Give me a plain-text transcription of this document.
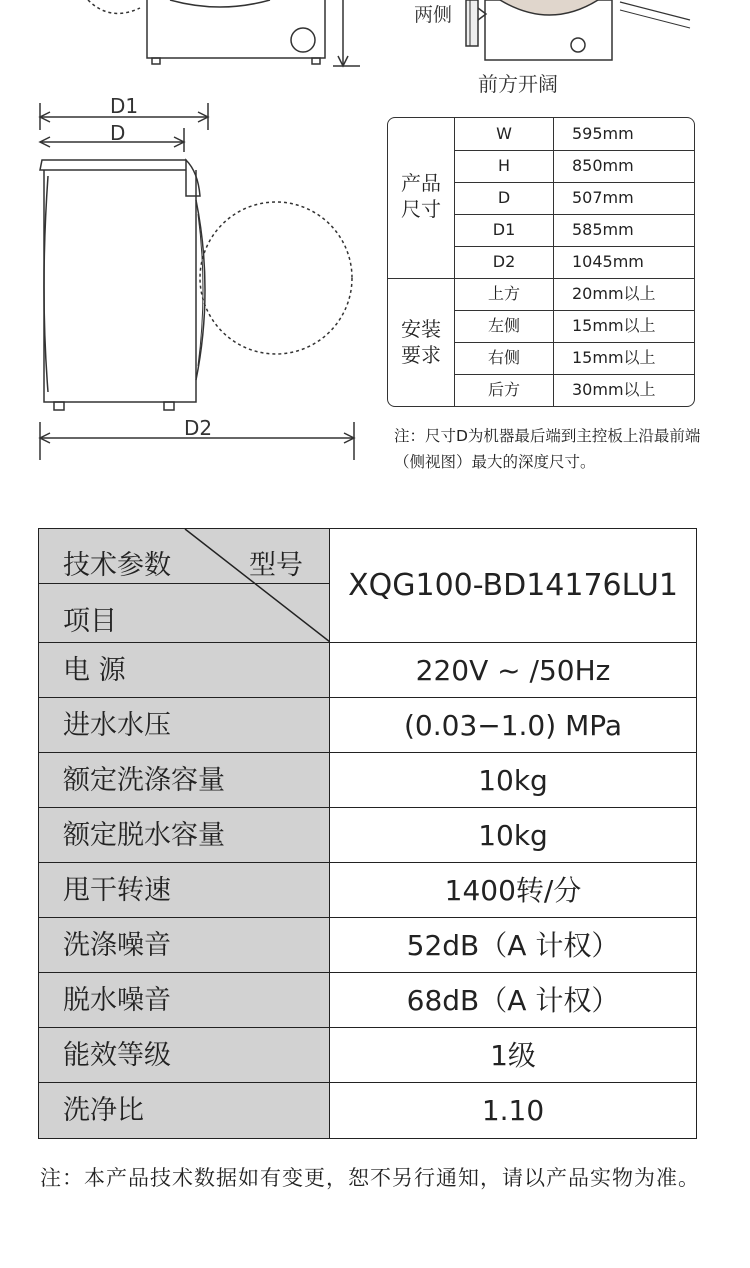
两侧
前方开阔
D1
D
D2
产品尺寸
W	595mm
H	850mm
D	507mm
D1	585mm
D2	1045mm
安装要求
上方	20mm以上
左侧	15mm以上
右侧	15mm以上
后方	30mm以上
注：尺寸D为机器最后端到主控板上沿最前端（侧视图）最大的深度尺寸。
技术参数	型号
项目
XQG100-BD14176LU1
电 源	220V ~ /50Hz
进水水压	(0.03−1.0) MPa
额定洗涤容量	10kg
额定脱水容量	10kg
甩干转速	1400转/分
洗涤噪音	52dB（A 计权）
脱水噪音	68dB（A 计权）
能效等级	1级
洗净比	1.10
注：本产品技术数据如有变更，恕不另行通知，请以产品实物为准。
